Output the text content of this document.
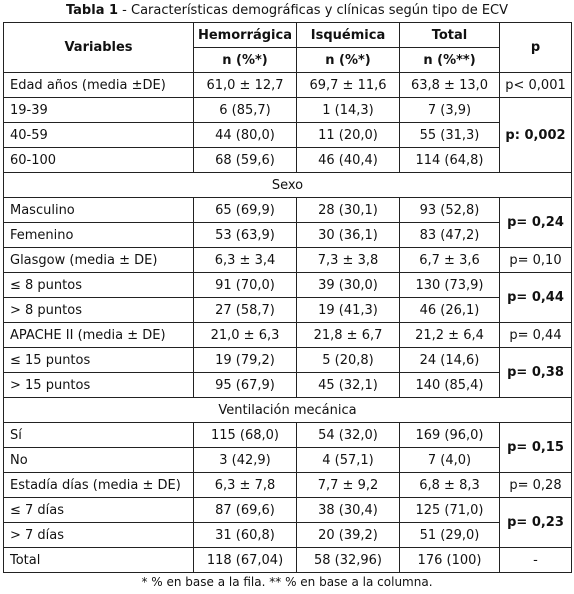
Tabla 1 - Características demográficas y clínicas según tipo de ECV
Variables	Hemorrágica	Isquémica	Total	p
	n (%*)	n (%*)	n (%**)	
Edad años (media ±DE)	61,0 ± 12,7	69,7 ± 11,6	63,8 ± 13,0	p< 0,001
19-39	6 (85,7)	1 (14,3)	7 (3,9)	p: 0,002
40-59	44 (80,0)	11 (20,0)	55 (31,3)	
60-100	68 (59,6)	46 (40,4)	114 (64,8)	
Sexo				
Masculino	65 (69,9)	28 (30,1)	93 (52,8)	p= 0,24
Femenino	53 (63,9)	30 (36,1)	83 (47,2)	
Glasgow (media ± DE)	6,3 ± 3,4	7,3 ± 3,8	6,7 ± 3,6	p= 0,10
≤ 8 puntos	91 (70,0)	39 (30,0)	130 (73,9)	p= 0,44
> 8 puntos	27 (58,7)	19 (41,3)	46 (26,1)	
APACHE II (media ± DE)	21,0 ± 6,3	21,8 ± 6,7	21,2 ± 6,4	p= 0,44
≤ 15 puntos	19 (79,2)	5 (20,8)	24 (14,6)	p= 0,38
> 15 puntos	95 (67,9)	45 (32,1)	140 (85,4)	
Ventilación mecánica				
Sí	115 (68,0)	54 (32,0)	169 (96,0)	p= 0,15
No	3 (42,9)	4 (57,1)	7 (4,0)	
Estadía días (media ± DE)	6,3 ± 7,8	7,7 ± 9,2	6,8 ± 8,3	p= 0,28
≤ 7 días	87 (69,6)	38 (30,4)	125 (71,0)	p= 0,23
> 7 días	31 (60,8)	20 (39,2)	51 (29,0)	
Total	118 (67,04)	58 (32,96)	176 (100)	-
* % en base a la fila. ** % en base a la columna.
